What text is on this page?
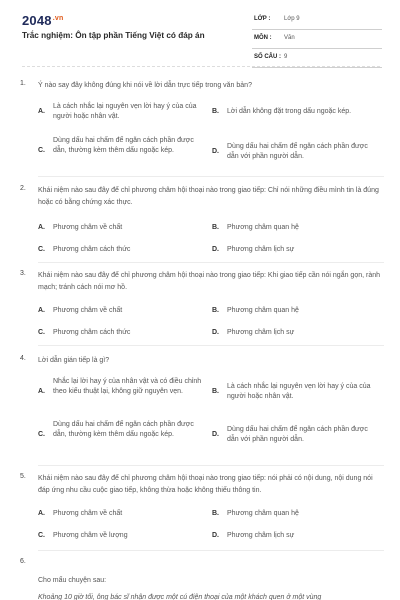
$2048^{.vn}$
Trắc nghiệm: Ôn tập phần Tiếng Việt có đáp án
LỚP : Lớp 9
MÔN : Văn
SỐ CÂU : 9
1. Ý nào say đây không đúng khi nói về lời dẫn trực tiếp trong văn bản?
A.
Là cách nhắc lại nguyên vẹn lời hay ý của của người hoặc nhân vật.
B. Lời dẫn không đặt trong dấu ngoặc kép.
C.
Dùng dấu hai chấm để ngăn cách phần được dẫn, thường kèm thêm dấu ngoặc kép.	D.
Dùng dấu hai chấm để ngăn cách phần được dẫn với phần người dẫn.
2. Khái niệm nào sau đây để chỉ phương châm hội thoại nào trong giao tiếp: Chỉ nói những điều mình tin là đúng hoặc có bằng chứng xác thực.
A. Phương châm về chất	B. Phương châm quan hệ
C. Phương châm cách thức	D. Phương châm lịch sự
3. Khái niệm nào sau đây để chỉ phương châm hội thoại nào trong giao tiếp: Khi giao tiếp cần nói ngắn gọn, rành mạch; tránh cách nói mơ hồ.
A. Phương châm về chất	B. Phương châm quan hệ
C. Phương châm cách thức	D. Phương châm lịch sự
4. Lời dẫn gián tiếp là gì?
A.
Nhắc lại lời hay ý của nhân vật và có điều chỉnh theo kiểu thuật lại, không giữ nguyên vẹn.	B.
Là cách nhắc lại nguyên vẹn lời hay ý của của người hoặc nhân vật.
C.
Dùng dấu hai chấm để ngăn cách phần được dẫn, thường kèm thêm dấu ngoặc kép.	D.
Dùng dấu hai chấm để ngăn cách phần được dẫn với phần người dẫn.
5. Khái niệm nào sau đây để chỉ phương châm hội thoại nào trong giao tiếp: nói phải có nội dung, nội dung nói đáp ứng nhu cầu cuộc giao tiếp, không thừa hoặc không thiếu thông tin.
A. Phương châm về chất	B. Phương châm quan hệ
C. Phương châm về lượng	D. Phương châm lịch sự
6.
Cho mẩu chuyện sau:
Khoảng 10 giờ tối, ông bác sĩ nhận được một cú điện thoại của một khách quen ở một vùng
